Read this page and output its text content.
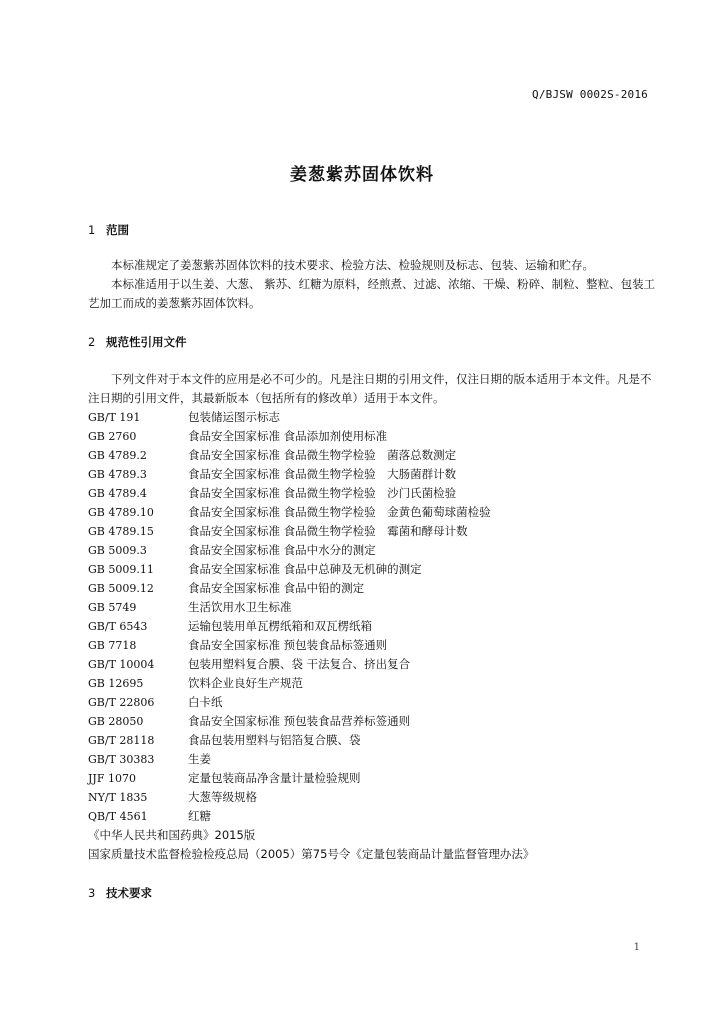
Q/BJSW 0002S-2016
姜葱紫苏固体饮料
1 范围
本标准规定了姜葱紫苏固体饮料的技术要求、检验方法、检验规则及标志、包装、运输和贮存。
本标准适用于以生姜、大葱、 紫苏、红糖为原料，经煎煮、过滤、浓缩、干燥、粉碎、制粒、整粒、包装工艺加工而成的姜葱紫苏固体饮料。
2 规范性引用文件
下列文件对于本文件的应用是必不可少的。凡是注日期的引用文件，仅注日期的版本适用于本文件。凡是不注日期的引用文件，其最新版本（包括所有的修改单）适用于本文件。
GB/T 191	包装储运图示标志
GB 2760	食品安全国家标准 食品添加剂使用标准
GB 4789.2	食品安全国家标准 食品微生物学检验　菌落总数测定
GB 4789.3	食品安全国家标准 食品微生物学检验　大肠菌群计数
GB 4789.4	食品安全国家标准 食品微生物学检验　沙门氏菌检验
GB 4789.10	食品安全国家标准 食品微生物学检验　金黄色葡萄球菌检验
GB 4789.15	食品安全国家标准 食品微生物学检验　霉菌和酵母计数
GB 5009.3	食品安全国家标准 食品中水分的测定
GB 5009.11	食品安全国家标准 食品中总砷及无机砷的测定
GB 5009.12	食品安全国家标准 食品中铅的测定
GB 5749	生活饮用水卫生标准
GB/T 6543	运输包装用单瓦楞纸箱和双瓦楞纸箱
GB 7718	食品安全国家标准 预包装食品标签通则
GB/T 10004	包装用塑料复合膜、袋 干法复合、挤出复合
GB 12695	饮料企业良好生产规范
GB/T 22806	白卡纸
GB 28050	食品安全国家标准 预包装食品营养标签通则
GB/T 28118	食品包装用塑料与铝箔复合膜、袋
GB/T 30383	生姜
JJF 1070	定量包装商品净含量计量检验规则
NY/T 1835	大葱等级规格
QB/T 4561	红糖
《中华人民共和国药典》2015版
国家质量技术监督检验检疫总局（2005）第75号令《定量包装商品计量监督管理办法》
3 技术要求
1
